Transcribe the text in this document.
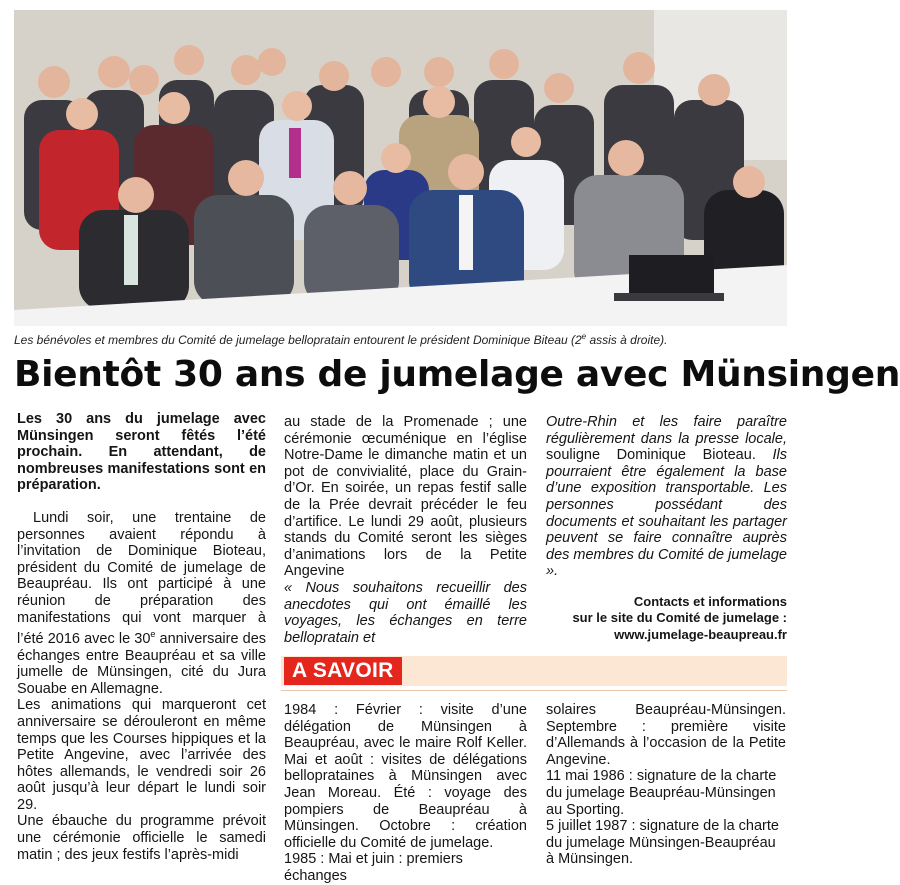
Les bénévoles et membres du Comité de jumelage bellopratain entourent le président Dominique Biteau (2e assis à droite).
Bientôt 30 ans de jumelage avec Münsingen

Les 30 ans du jumelage avec Münsingen seront fêtés l’été prochain. En attendant, de nombreuses manifestations sont en préparation.

Lundi soir, une trentaine de personnes avaient répondu à l’invitation de Dominique Bioteau, président du Comité de jumelage de Beaupréau. Ils ont participé à une réunion de préparation des manifestations qui vont marquer à l’été 2016 avec le 30e anniversaire des échanges entre Beaupréau et sa ville jumelle de Münsingen, cité du Jura Souabe en Allemagne.

Les animations qui marqueront cet anniversaire se dérouleront en même temps que les Courses hippiques et la Petite Angevine, avec l’arrivée des hôtes allemands, le vendredi soir 26 août jusqu’à leur départ le lundi soir 29.

Une ébauche du programme prévoit une cérémonie officielle le samedi matin ; des jeux festifs l’après-midi

au stade de la Promenade ; une cérémonie œcuménique en l’église Notre-Dame le dimanche matin et un pot de convivialité, place du Grain-d’Or. En soirée, un repas festif salle de la Prée devrait précéder le feu d’artifice. Le lundi 29 août, plusieurs stands du Comité seront les sièges d’animations lors de la Petite Angevine

« Nous souhaitons recueillir des anecdotes qui ont émaillé les voyages, les échanges en terre bellopratain et

Outre-Rhin et les faire paraître régulièrement dans la presse locale, souligne Dominique Bioteau. Ils pourraient être également la base d’une exposition transportable. Les personnes possédant des documents et souhaitant les partager peuvent se faire connaître auprès des membres du Comité de jumelage ».

Contacts et informations
sur le site du Comité de jumelage :
www.jumelage-beaupreau.fr
A SAVOIR

1984 : Février : visite d’une délégation de Münsingen à Beaupréau, avec le maire Rolf Keller. Mai et août : visites de délégations belloprataines à Münsingen avec Jean Moreau. Été : voyage des pompiers de Beaupréau à Münsingen. Octobre : création officielle du Comité de jumelage.

1985 : Mai et juin : premiers échanges

solaires Beaupréau-Münsingen. Septembre : première visite d’Allemands à l’occasion de la Petite Angevine.

11 mai 1986 : signature de la charte du jumelage Beaupréau-Münsingen au Sporting.

5 juillet 1987 : signature de la charte du jumelage Münsingen-Beaupréau à Münsingen.
